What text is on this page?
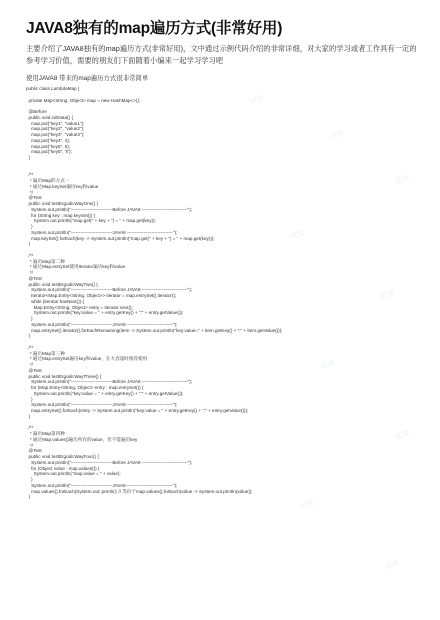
试读
试读
试读
试读
试读
试读
试读
试读
试读
JAVA8独有的map遍历方式(非常好用)

主要介绍了JAVA8独有的map遍历方式(非常好用)，文中通过示例代码介绍的非常详细，对大家的学习或者工作具有一定的参考学习价值，需要的朋友们下面随着小编来一起学习学习吧

使用JAVA8 带来的map遍历方式很非常简单

public class LambdaMap {
private Map<String, Object> map = new HashMap<>();
@Before
public void initData() {
map.put("key1", "value1");
map.put("key2", "value2");
map.put("key3", "value3");
map.put("key4", 4);
map.put("key5", 5);
map.put("key5", 'h');
}
/**
* 遍历Map的方式一
* 通过Map.keySet遍历key和value
*/
@Test
public void testErgodicWayOne() {
System.out.println("---------------------------Before JAVA8 ------------------------------");
for (String key : map.keySet()) {
System.out.println("map.get(" + key + ") = " + map.get(key));
}
System.out.println("---------------------------JAVA8 ------------------------------");
map.keySet().forEach(key -> System.out.println("map.get(" + key + ") = " + map.get(key)));
}
/**
* 遍历Map第二种
* 通过Map.entrySet使用Iterator遍历key和value
*/
@Test
public void testErgodicWayTwo() {
System.out.println("---------------------------Before JAVA8 ------------------------------");
Iterator<Map.Entry<String, Object>> iterator = map.entrySet().iterator();
while (iterator.hasNext()) {
Map.Entry<String, Object> entry = iterator.next();
System.out.println("key:value = " + entry.getKey() + ":" + entry.getValue());
}
System.out.println("---------------------------JAVA8 ------------------------------");
map.entrySet().iterator().forEachRemaining(item -> System.out.println("key:value=" + item.getKey() + ":" + item.getValue()));
}
/**
* 遍历Map第三种
* 通过Map.entrySet遍历key和value，在大容量时推荐使用
*/
@Test
public void testErgodicWayThree() {
System.out.println("---------------------------Before JAVA8 ------------------------------");
for (Map.Entry<String, Object> entry : map.entrySet()) {
System.out.println("key:value = " + entry.getKey() + ":" + entry.getValue());
}
System.out.println("---------------------------JAVA8 ------------------------------");
map.entrySet().forEach(entry -> System.out.println("key:value = " + entry.getKey() + ":" + entry.getValue()));
}
/**
* 遍历Map第四种
* 通过Map.values()遍历所有的value，但不能遍历key
*/
@Test
public void testErgodicWayFour() {
System.out.println("---------------------------Before JAVA8 ------------------------------");
for (Object value : map.values()) {
System.out.println("map.value = " + value);
}
System.out.println("---------------------------JAVA8 ------------------------------");
map.values().forEach(System.out::println); // 等价于map.values().forEach(value -> System.out.println(value));
}
